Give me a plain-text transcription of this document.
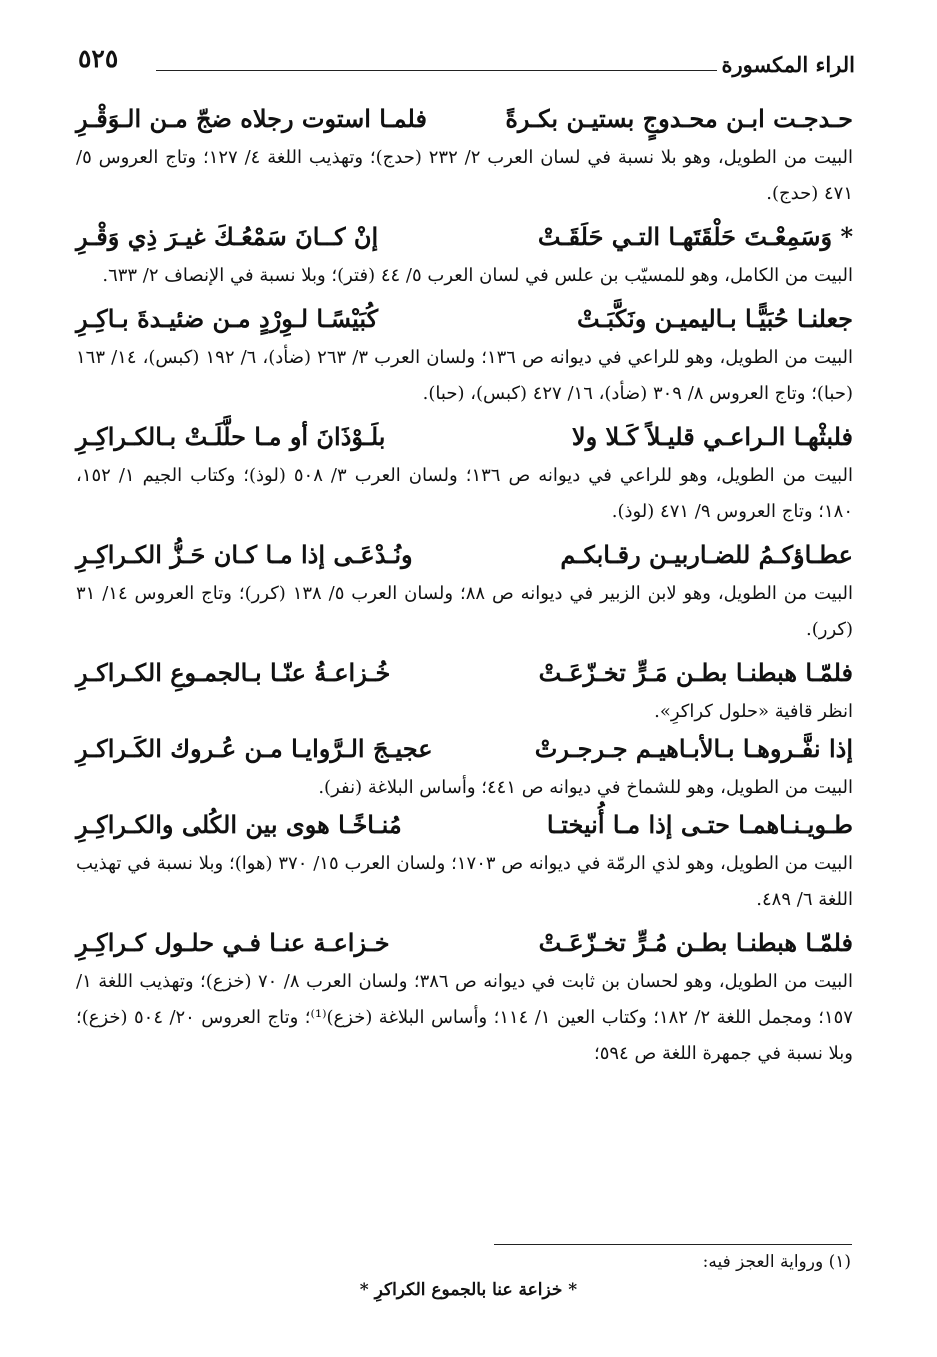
الراء المكسورة
٥٢٥
حـدجـت ابـن محـدوجٍ بستيـن بكـرةً
فلمـا استوت رجلاه ضجّ مـن الـوَقْـرِ

البيت من الطويل، وهو بلا نسبة في لسان العرب ٢/ ٢٣٢ (حدج)؛ وتهذيب اللغة ٤/ ١٢٧؛ وتاج العروس ٥/ ٤٧١ (حدج).

* وَسَمِعْـتَ حَلْقَتَهـا التـي حَلَقَـتْ
إنْ كــانَ سَمْعُـكَ غيـرَ ذِي وَقْـرِ

البيت من الكامل، وهو للمسيّب بن علس في لسان العرب ٥/ ٤٤ (فتر)؛ وبلا نسبة في الإنصاف ٢/ ٦٣٣.

جعلنـا حُبَيًّـا بـاليميـن ونَكَّبَـتْ
كُبَيْسًـا لـوِرْدٍ مـن ضئيـدةَ بـاكِـرِ

البيت من الطويل، وهو للراعي في ديوانه ص ١٣٦؛ ولسان العرب ٣/ ٢٦٣ (ضأد)، ٦/ ١٩٢ (كبس)، ١٤/ ١٦٣ (حبا)؛ وتاج العروس ٨/ ٣٠٩ (ضأد)، ١٦/ ٤٢٧ (كبس)، (حبا).

فلبثْهـا الـراعـي قليـلاً كَـلا ولا
بلَـوْذَانَ أو مـا حلَّلَـتْ بـالكـراكِـرِ

البيت من الطويل، وهو للراعي في ديوانه ص ١٣٦؛ ولسان العرب ٣/ ٥٠٨ (لوذ)؛ وكتاب الجيم ١/ ١٥٢، ١٨٠؛ وتاج العروس ٩/ ٤٧١ (لوذ).

عطـاؤكـمُ للضـاربيـن رقـابكـم
ونُـدْعَـى إذا مـا كـان حَـزُّ الكـراكِـرِ

البيت من الطويل، وهو لابن الزبير في ديوانه ص ٨٨؛ ولسان العرب ٥/ ١٣٨ (كرر)؛ وتاج العروس ١٤/ ٣١ (كرر).

فلمّـا هبطنـا بطـن مَـرٍّ تخـزّعَـتْ
خُـزاعـةُ عنّـا بـالجمـوعِ الكـراكـرِ

انظر قافية «حلول كراكرِ».

إذا نفَّـروهـا بـالأبـاهيـم جـرجـرتْ
عجيـجَ الـرَّوايـا مـن عُـروك الكَـراكـرِ

البيت من الطويل، وهو للشماخ في ديوانه ص ٤٤١؛ وأساس البلاغة (نفر).

طـويـنـاهمـا حتـى إذا مـا أُنيختـا
مُنـاخًـا هوى بين الكُلى والكـراكِـرِ

البيت من الطويل، وهو لذي الرمّة في ديوانه ص ١٧٠٣؛ ولسان العرب ١٥/ ٣٧٠ (هوا)؛ وبلا نسبة في تهذيب اللغة ٦/ ٤٨٩.

فلمّـا هبطنـا بطـن مُـرٍّ تخـزّعَـتْ
خـزاعـة عنـا فـي حلـول كـراكِـرِ

البيت من الطويل، وهو لحسان بن ثابت في ديوانه ص ٣٨٦؛ ولسان العرب ٨/ ٧٠ (خزع)؛ وتهذيب اللغة ١/ ١٥٧؛ ومجمل اللغة ٢/ ١٨٢؛ وكتاب العين ١/ ١١٤؛ وأساس البلاغة (خزع)⁽¹⁾؛ وتاج العروس ٢٠/ ٥٠٤ (خزع)؛ وبلا نسبة في جمهرة اللغة ص ٥٩٤؛

(١) ورواية العجز فيه:
* خزاعة عنا بالجموع الكراكرِ *
